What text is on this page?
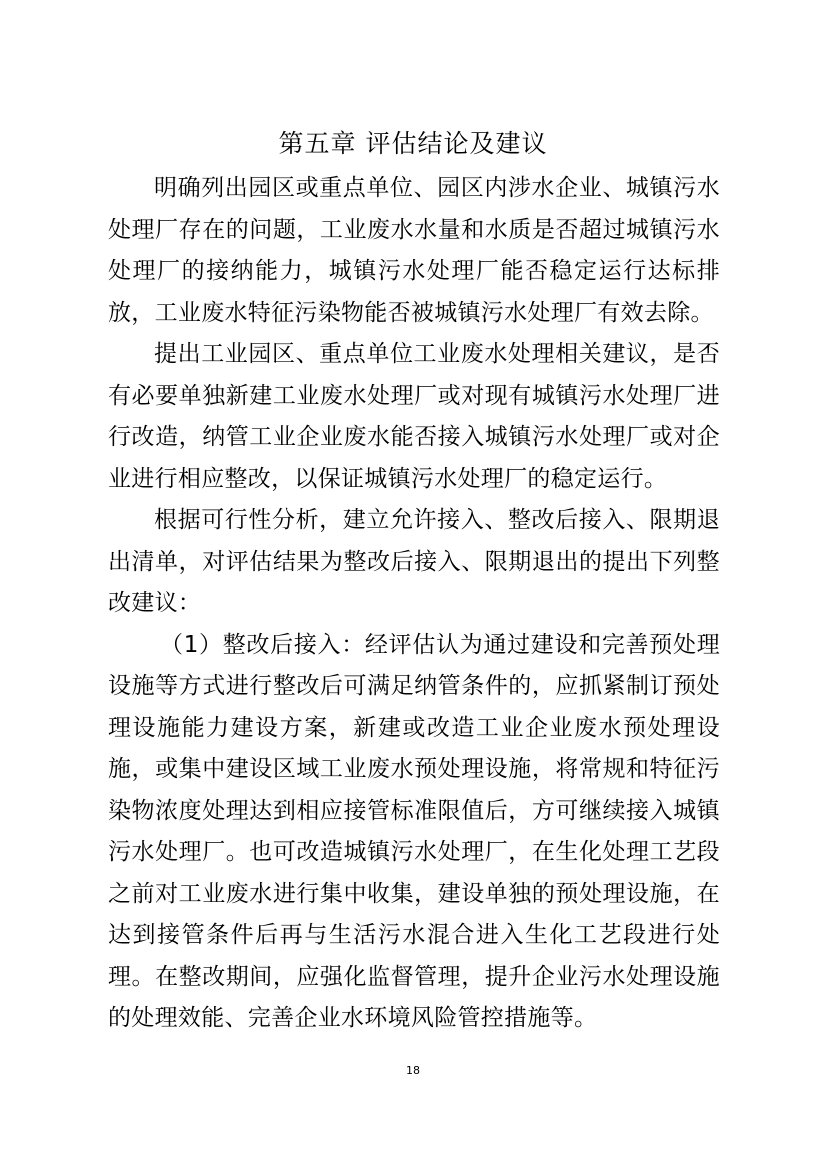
第五章 评估结论及建议

明确列出园区或重点单位、园区内涉水企业、城镇污水处理厂存在的问题，工业废水水量和水质是否超过城镇污水处理厂的接纳能力，城镇污水处理厂能否稳定运行达标排放，工业废水特征污染物能否被城镇污水处理厂有效去除。

提出工业园区、重点单位工业废水处理相关建议，是否有必要单独新建工业废水处理厂或对现有城镇污水处理厂进行改造，纳管工业企业废水能否接入城镇污水处理厂或对企业进行相应整改，以保证城镇污水处理厂的稳定运行。

根据可行性分析，建立允许接入、整改后接入、限期退出清单，对评估结果为整改后接入、限期退出的提出下列整改建议：

（1）整改后接入：经评估认为通过建设和完善预处理设施等方式进行整改后可满足纳管条件的，应抓紧制订预处理设施能力建设方案，新建或改造工业企业废水预处理设施，或集中建设区域工业废水预处理设施，将常规和特征污染物浓度处理达到相应接管标准限值后，方可继续接入城镇污水处理厂。也可改造城镇污水处理厂，在生化处理工艺段之前对工业废水进行集中收集，建设单独的预处理设施，在达到接管条件后再与生活污水混合进入生化工艺段进行处理。在整改期间，应强化监督管理，提升企业污水处理设施的处理效能、完善企业水环境风险管控措施等。

18
